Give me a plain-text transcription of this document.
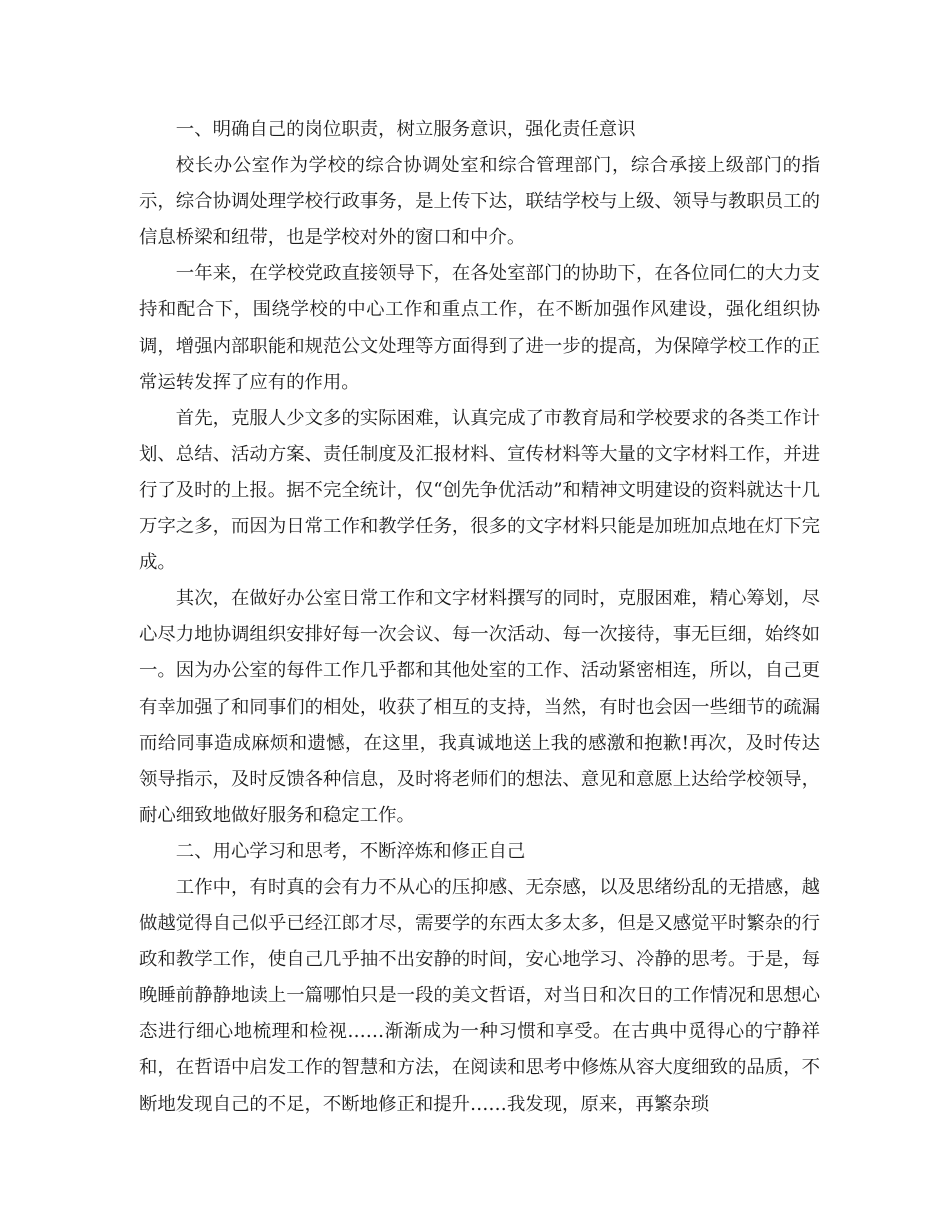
一、明确自己的岗位职责，树立服务意识，强化责任意识

校长办公室作为学校的综合协调处室和综合管理部门，综合承接上级部门的指示，综合协调处理学校行政事务，是上传下达，联结学校与上级、领导与教职员工的信息桥梁和纽带，也是学校对外的窗口和中介。

一年来，在学校党政直接领导下，在各处室部门的协助下，在各位同仁的大力支持和配合下，围绕学校的中心工作和重点工作，在不断加强作风建设，强化组织协调，增强内部职能和规范公文处理等方面得到了进一步的提高，为保障学校工作的正常运转发挥了应有的作用。

首先，克服人少文多的实际困难，认真完成了市教育局和学校要求的各类工作计划、总结、活动方案、责任制度及汇报材料、宣传材料等大量的文字材料工作，并进行了及时的上报。据不完全统计，仅“创先争优活动”和精神文明建设的资料就达十几万字之多，而因为日常工作和教学任务，很多的文字材料只能是加班加点地在灯下完成。

其次，在做好办公室日常工作和文字材料撰写的同时，克服困难，精心筹划，尽心尽力地协调组织安排好每一次会议、每一次活动、每一次接待，事无巨细，始终如一。因为办公室的每件工作几乎都和其他处室的工作、活动紧密相连，所以，自己更有幸加强了和同事们的相处，收获了相互的支持，当然，有时也会因一些细节的疏漏而给同事造成麻烦和遗憾，在这里，我真诚地送上我的感激和抱歉!再次，及时传达领导指示，及时反馈各种信息，及时将老师们的想法、意见和意愿上达给学校领导，耐心细致地做好服务和稳定工作。

二、用心学习和思考，不断淬炼和修正自己

工作中，有时真的会有力不从心的压抑感、无奈感，以及思绪纷乱的无措感，越做越觉得自己似乎已经江郎才尽，需要学的东西太多太多，但是又感觉平时繁杂的行政和教学工作，使自己几乎抽不出安静的时间，安心地学习、冷静的思考。于是，每晚睡前静静地读上一篇哪怕只是一段的美文哲语，对当日和次日的工作情况和思想心态进行细心地梳理和检视……渐渐成为一种习惯和享受。在古典中觅得心的宁静祥和，在哲语中启发工作的智慧和方法，在阅读和思考中修炼从容大度细致的品质，不断地发现自己的不足，不断地修正和提升……我发现，原来，再繁杂琐
